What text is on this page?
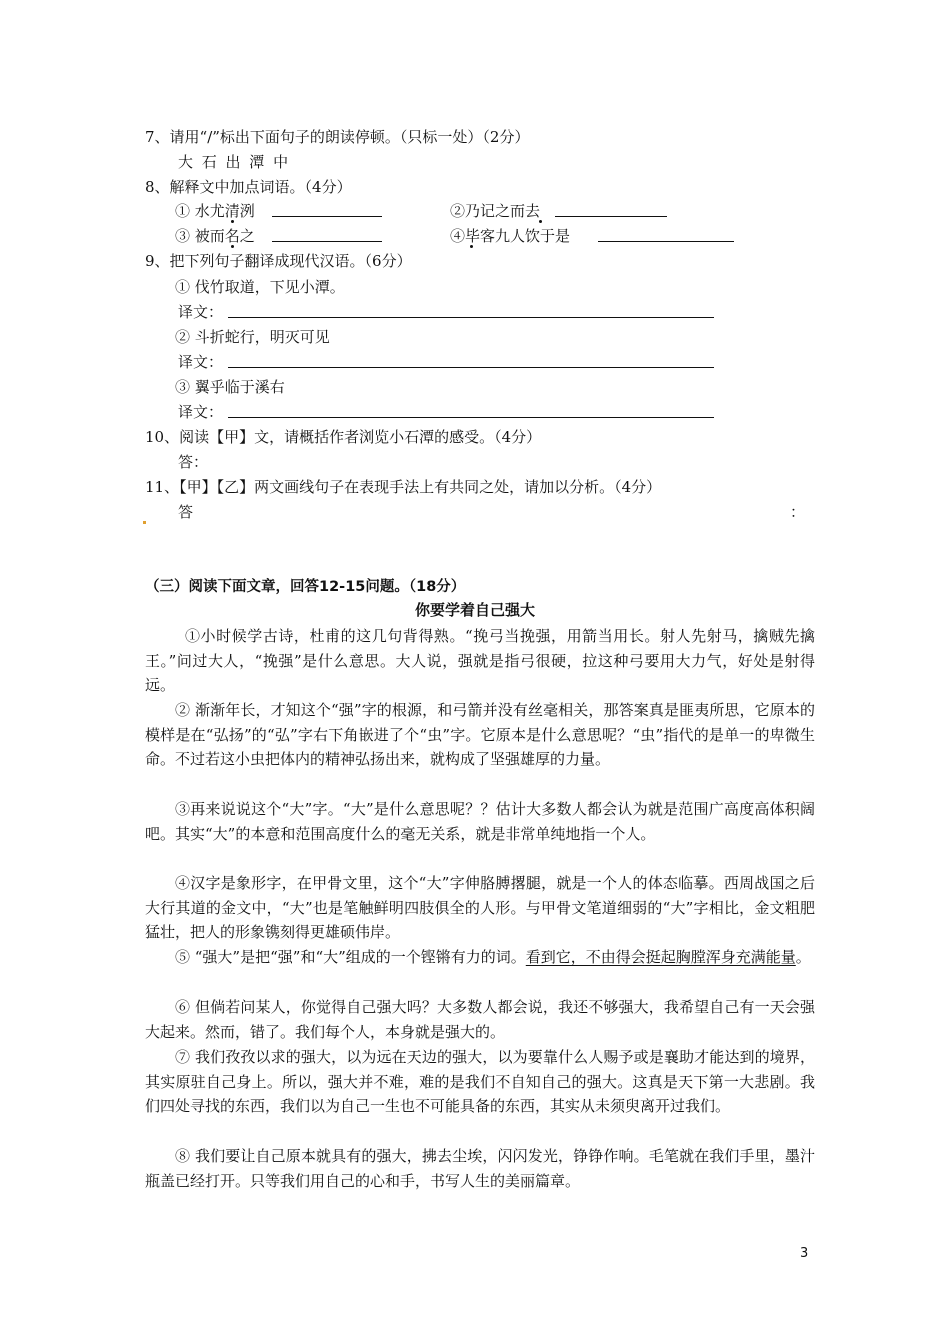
7、请用“/”标出下面句子的朗读停顿。（只标一处）（2分）
大 石 出 潭 中
8、解释文中加点词语。（4分）
① 水尤清洌	②乃记之而去
③ 被而名之	④毕客九人饮于是
9、把下列句子翻译成现代汉语。（6分）
① 伐竹取道，下见小潭。
译文：
② 斗折蛇行，明灭可见
译文：
③ 翼乎临于溪右
译文：
10、阅读【甲】文，请概括作者浏览小石潭的感受。（4分）
答：
11、【甲】【乙】两文画线句子在表现手法上有共同之处，请加以分析。（4分）
答	：
（三）阅读下面文章，回答12-15问题。（18分）
你要学着自己强大
①小时候学古诗，杜甫的这几句背得熟。“挽弓当挽强，用箭当用长。射人先射马，擒贼先擒王。”问过大人，“挽强”是什么意思。大人说，强就是指弓很硬，拉这种弓要用大力气，好处是射得远。
② 渐渐年长，才知这个“强”字的根源，和弓箭并没有丝毫相关，那答案真是匪夷所思，它原本的模样是在“弘扬”的“弘”字右下角嵌进了个“虫”字。它原本是什么意思呢？“虫”指代的是单一的卑微生命。不过若这小虫把体内的精神弘扬出来，就构成了坚强雄厚的力量。
③再来说说这个“大”字。“大”是什么意思呢？？估计大多数人都会认为就是范围广高度高体积阔吧。其实“大”的本意和范围高度什么的毫无关系，就是非常单纯地指一个人。
④汉字是象形字，在甲骨文里，这个“大”字伸胳膊撂腿，就是一个人的体态临摹。西周战国之后大行其道的金文中，“大”也是笔触鲜明四肢俱全的人形。与甲骨文笔道细弱的“大”字相比，金文粗肥猛壮，把人的形象镌刻得更雄硕伟岸。
⑤ “强大”是把“强”和“大”组成的一个铿锵有力的词。看到它，不由得会挺起胸膛浑身充满能量。
⑥ 但倘若问某人，你觉得自己强大吗？大多数人都会说，我还不够强大，我希望自己有一天会强大起来。然而，错了。我们每个人，本身就是强大的。
⑦ 我们孜孜以求的强大，以为远在天边的强大，以为要靠什么人赐予或是襄助才能达到的境界，其实原驻自己身上。所以，强大并不难，难的是我们不自知自己的强大。这真是天下第一大悲剧。我们四处寻找的东西，我们以为自己一生也不可能具备的东西，其实从未须臾离开过我们。
⑧ 我们要让自己原本就具有的强大，拂去尘埃，闪闪发光，铮铮作响。毛笔就在我们手里，墨汁瓶盖已经打开。只等我们用自己的心和手，书写人生的美丽篇章。
3
